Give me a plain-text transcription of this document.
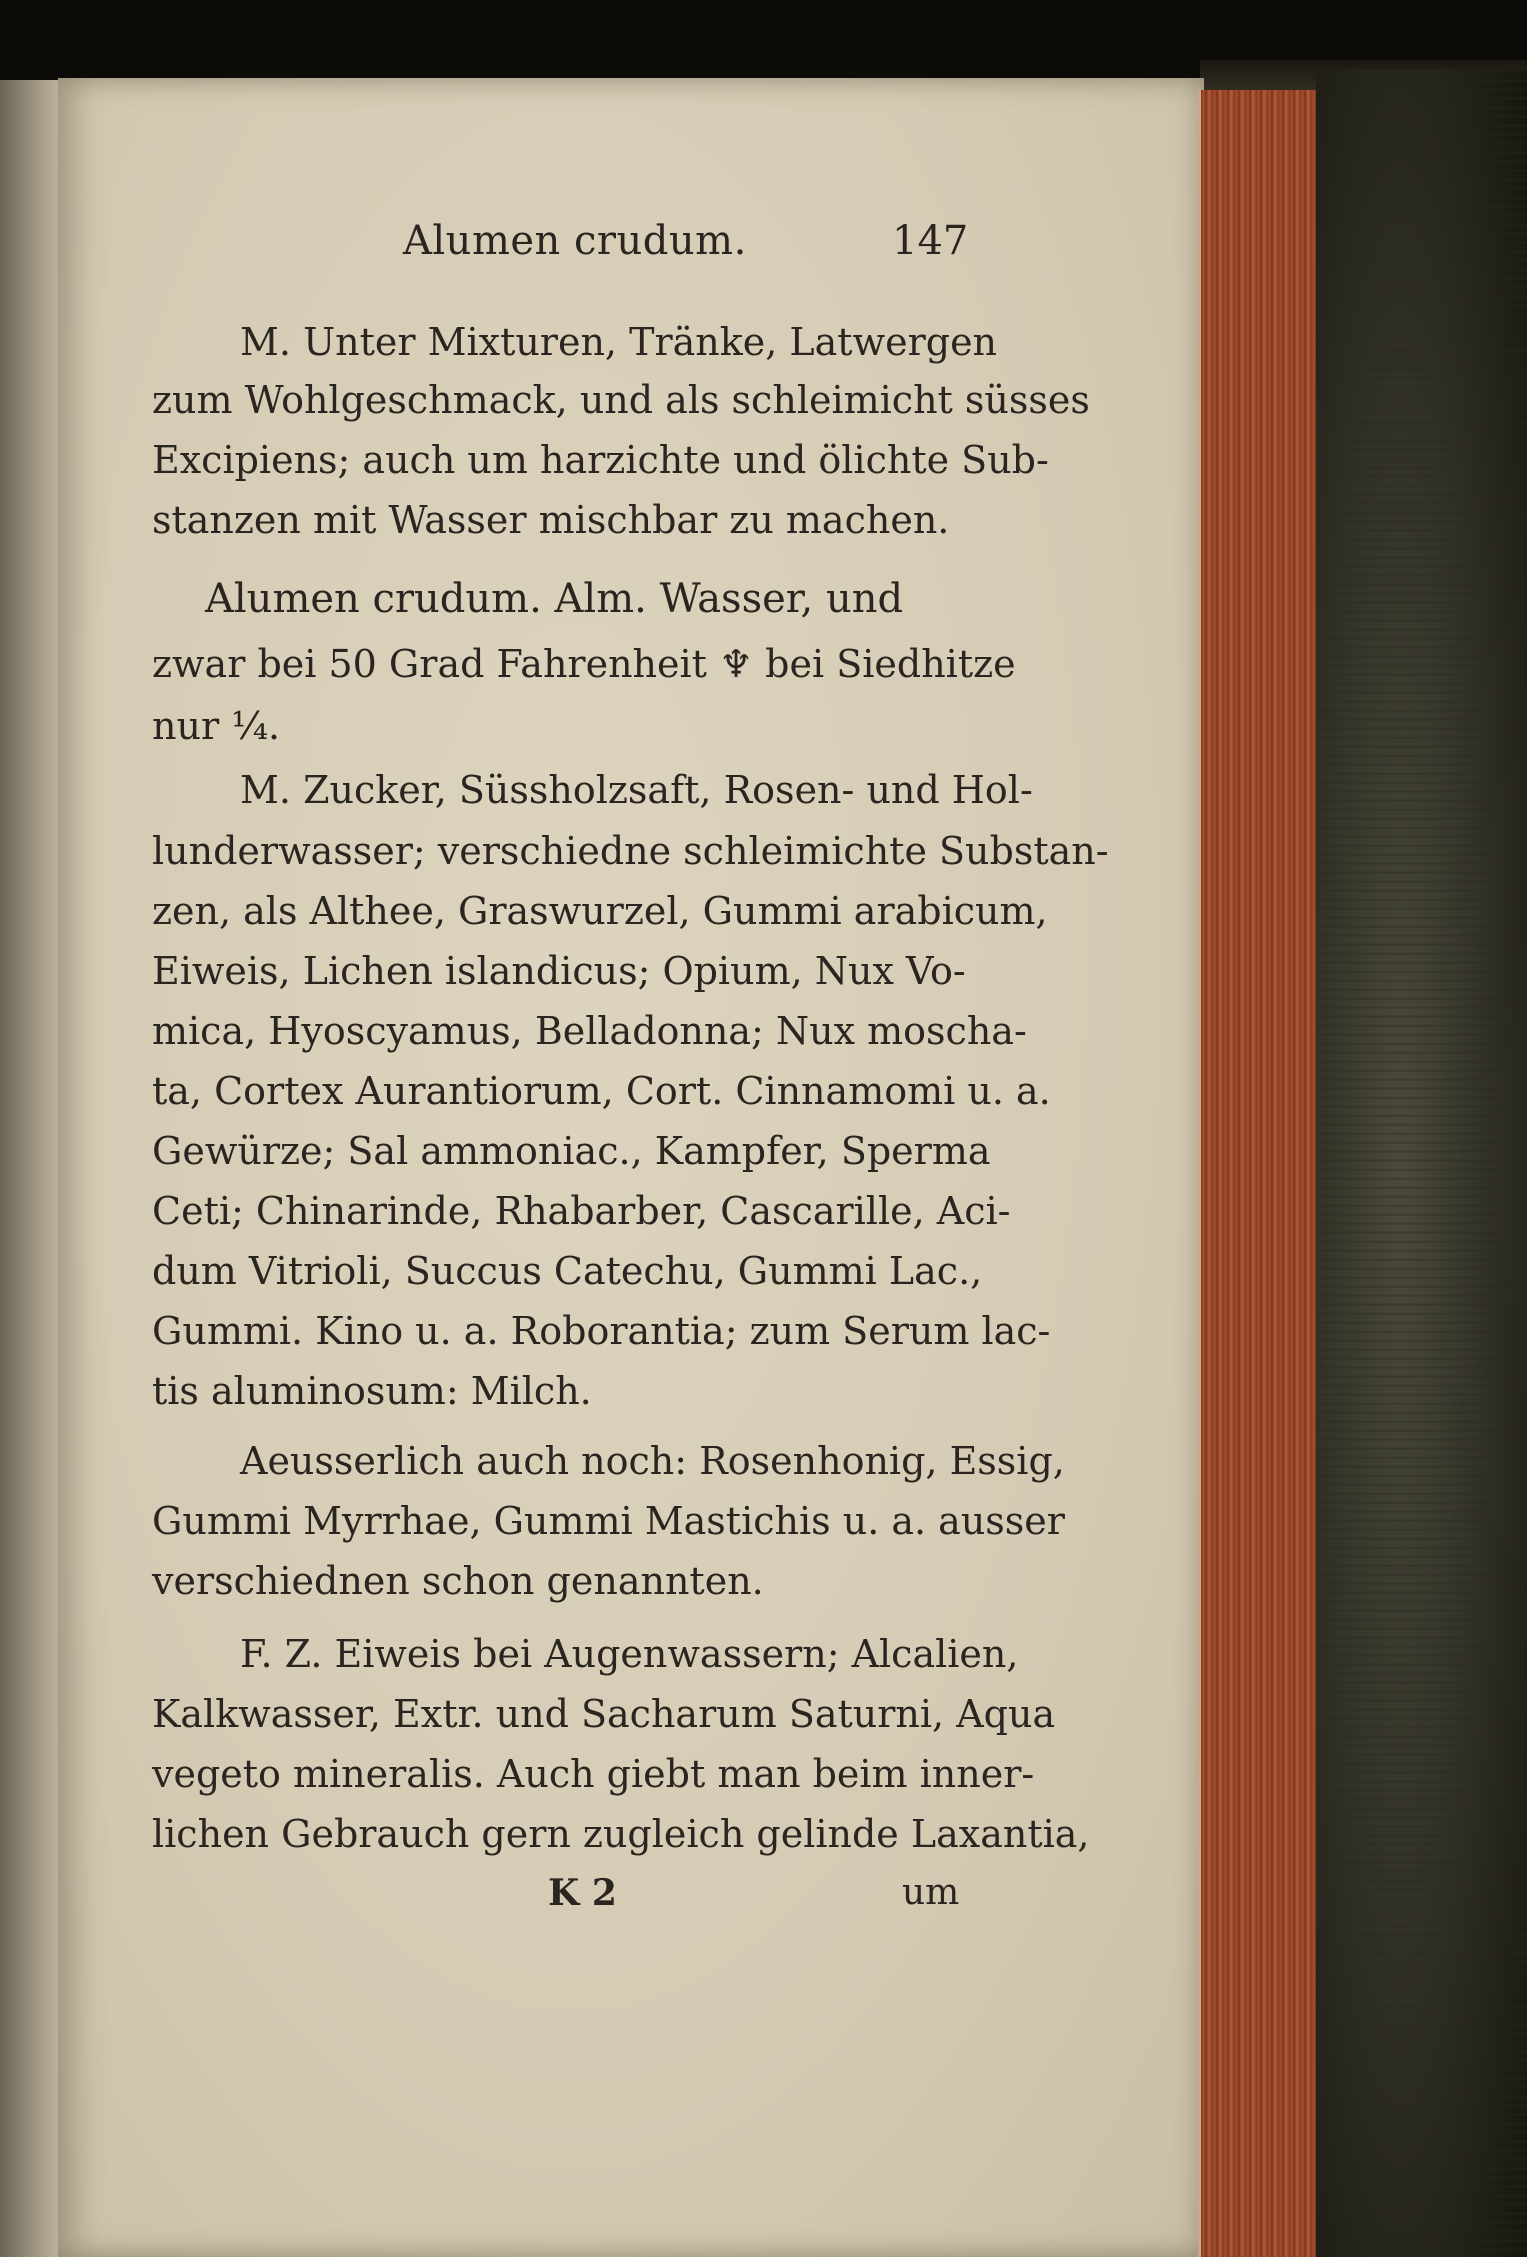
Alumen crudum.	147
M. Unter Mixturen, Tränke, Latwergen
zum Wohlgeschmack, und als schleimicht süsses
Excipiens; auch um harzichte und ölichte Sub-
stanzen mit Wasser mischbar zu machen.
Alumen crudum. Alm. Wasser, und
zwar bei 50 Grad Fahrenheit ♆ bei Siedhitze
nur ¼.
M. Zucker, Süssholzsaft, Rosen- und Hol-
lunderwasser; verschiedne schleimichte Substan-
zen, als Althee, Graswurzel, Gummi arabicum,
Eiweis, Lichen islandicus; Opium, Nux Vo-
mica, Hyoscyamus, Belladonna; Nux moscha-
ta, Cortex Aurantiorum, Cort. Cinnamomi u. a.
Gewürze; Sal ammoniac., Kampfer, Sperma
Ceti; Chinarinde, Rhabarber, Cascarille, Aci-
dum Vitrioli, Succus Catechu, Gummi Lac.,
Gummi. Kino u. a. Roborantia; zum Serum lac-
tis aluminosum: Milch.
Aeusserlich auch noch: Rosenhonig, Essig,
Gummi Myrrhae, Gummi Mastichis u. a. ausser
verschiednen schon genannten.
F. Z. Eiweis bei Augenwassern; Alcalien,
Kalkwasser, Extr. und Sacharum Saturni, Aqua
vegeto mineralis. Auch giebt man beim inner-
lichen Gebrauch gern zugleich gelinde Laxantia,
K 2	um
